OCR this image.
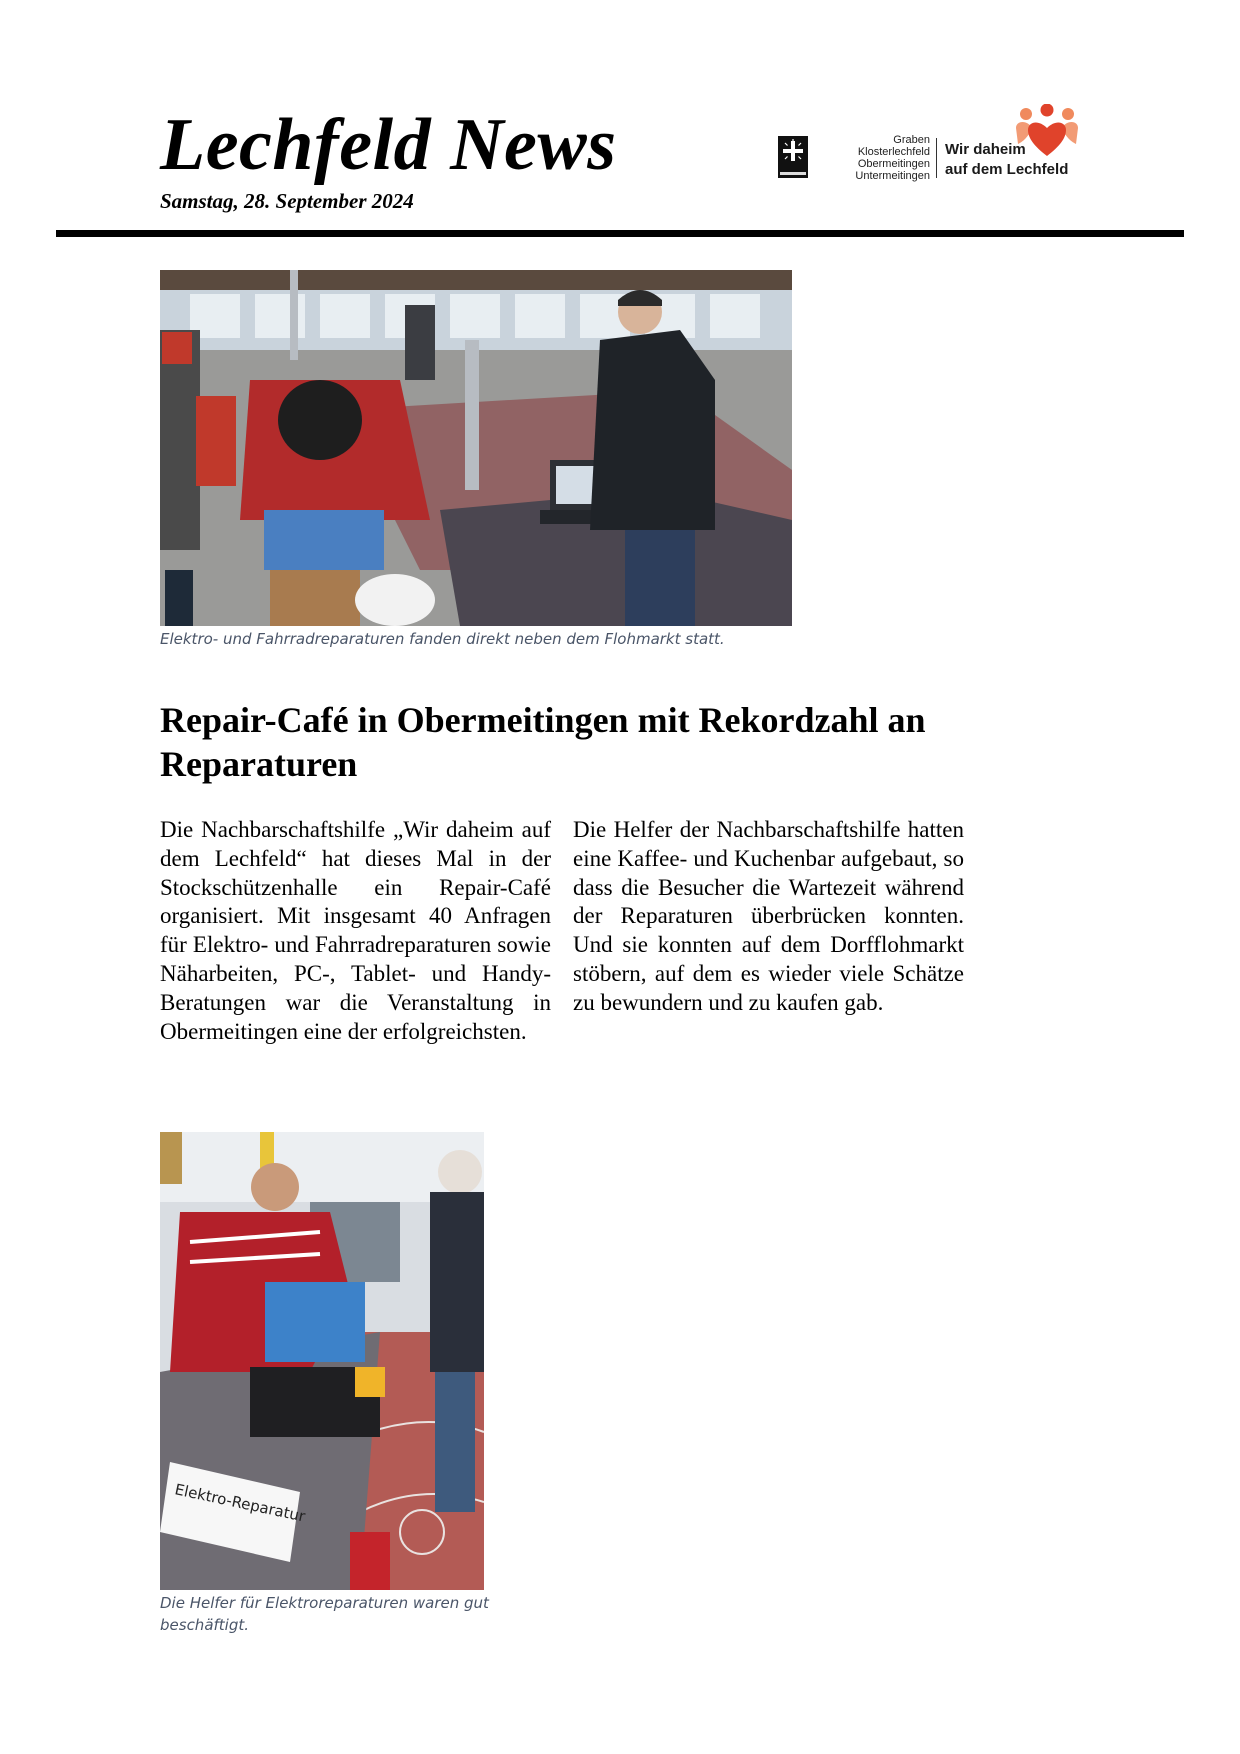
Lechfeld News
Samstag, 28. September 2024
Graben
Klosterlechfeld
Obermeitingen
Untermeitingen
Wir daheim
auf dem Lechfeld
Elektro- und Fahrradreparaturen fanden direkt neben dem Flohmarkt statt.
Repair-Café in Obermeitingen mit Rekordzahl an Reparaturen

Die Nachbarschaftshilfe „Wir daheim auf dem Lechfeld“ hat dieses Mal in der Stockschützenhalle ein Repair-Café organisiert. Mit insgesamt 40 Anfragen für Elektro- und Fahrradreparaturen sowie Näharbeiten, PC-, Tablet- und Handy-Beratungen war die Veranstaltung in Obermeitingen eine der erfolgreichsten.

Die Helfer der Nachbarschaftshilfe hatten eine Kaffee- und Kuchenbar aufgebaut, so dass die Besucher die Wartezeit während der Reparaturen überbrücken konnten. Und sie konnten auf dem Dorfflohmarkt stöbern, auf dem es wieder viele Schätze zu bewundern und zu kaufen gab.

Elektro-Reparatur
Die Helfer für Elektroreparaturen waren gut beschäftigt.
